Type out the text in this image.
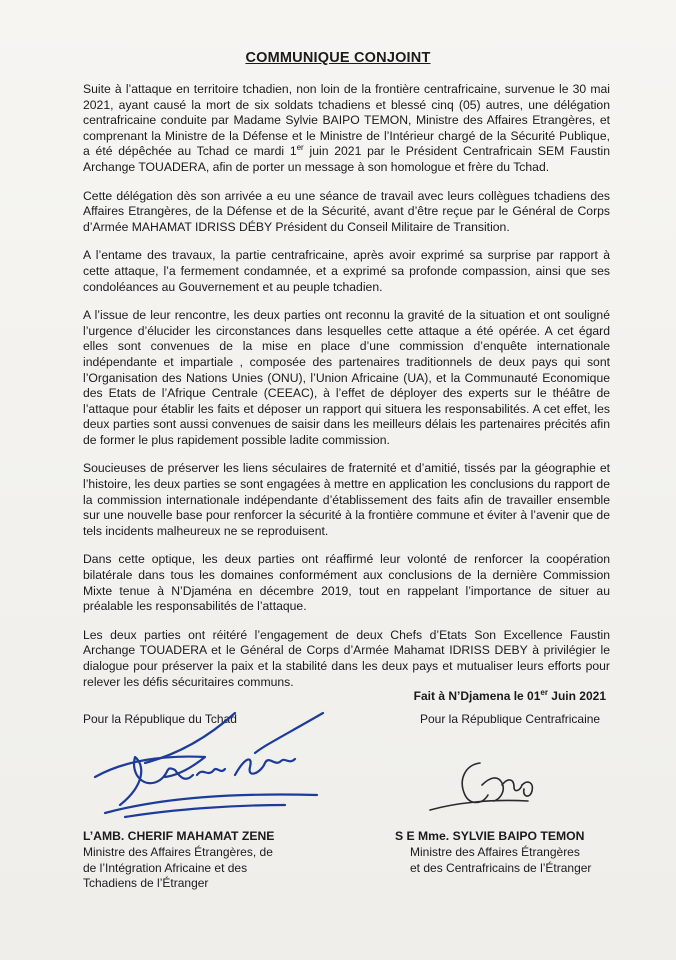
COMMUNIQUE CONJOINT

Suite à l’attaque en territoire tchadien, non loin de la frontière centrafricaine, survenue le 30 mai 2021, ayant causé la mort de six soldats tchadiens et blessé cinq (05) autres, une délégation centrafricaine conduite par Madame Sylvie BAIPO TEMON, Ministre des Affaires Etrangères, et comprenant la Ministre de la Défense et le Ministre de l’Intérieur chargé de la Sécurité Publique, a été dépêchée au Tchad ce mardi 1er juin 2021 par le Président Centrafricain SEM Faustin Archange TOUADERA, afin de porter un message à son homologue et frère du Tchad.

Cette délégation dès son arrivée a eu une séance de travail avec leurs collègues tchadiens des Affaires Etrangères, de la Défense et de la Sécurité, avant d’être reçue par le Général de Corps d’Armée MAHAMAT IDRISS DÉBY Président du Conseil Militaire de Transition.

A l’entame des travaux, la partie centrafricaine, après avoir exprimé sa surprise par rapport à cette attaque, l’a fermement condamnée, et a exprimé sa profonde compassion, ainsi que ses condoléances au Gouvernement et au peuple tchadien.

A l’issue de leur rencontre, les deux parties ont reconnu la gravité de la situation et ont souligné l’urgence d’élucider les circonstances dans lesquelles cette attaque a été opérée. A cet égard elles sont convenues de la mise en place d’une commission d’enquête internationale indépendante et impartiale , composée des partenaires traditionnels de deux pays qui sont l’Organisation des Nations Unies (ONU), l’Union Africaine (UA), et la Communauté Economique des Etats de l’Afrique Centrale (CEEAC), à l’effet de déployer des experts sur le théâtre de l’attaque pour établir les faits et déposer un rapport qui situera les responsabilités. A cet effet, les deux parties sont aussi convenues de saisir dans les meilleurs délais les partenaires précités afin de former le plus rapidement possible ladite commission.

Soucieuses de préserver les liens séculaires de fraternité et d’amitié, tissés par la géographie et l’histoire, les deux parties se sont engagées à mettre en application les conclusions du rapport de la commission internationale indépendante d’établissement des faits afin de travailler ensemble sur une nouvelle base pour renforcer la sécurité à la frontière commune et éviter à l’avenir que de tels incidents malheureux ne se reproduisent.

Dans cette optique, les deux parties ont réaffirmé leur volonté de renforcer la coopération bilatérale dans tous les domaines conformément aux conclusions de la dernière Commission Mixte tenue à N’Djaména en décembre 2019, tout en rappelant l’importance de situer au préalable les responsabilités de l’attaque.

Les deux parties ont réitéré l’engagement de deux Chefs d’Etats Son Excellence Faustin Archange TOUADERA et le Général de Corps d’Armée Mahamat IDRISS DEBY à privilégier le dialogue pour préserver la paix et la stabilité dans les deux pays et mutualiser leurs efforts pour relever les défis sécuritaires communs.

Fait à N’Djamena le 01er Juin 2021
Pour la République du Tchad	Pour la République Centrafricaine
L’AMB. CHERIF MAHAMAT ZENE	S E Mme. SYLVIE BAIPO TEMON
Ministre des Affaires Étrangères, de
de l’Intégration Africaine et des
Tchadiens de l’Étranger
Ministre des Affaires Étrangères
et des Centrafricains de l’Étranger
